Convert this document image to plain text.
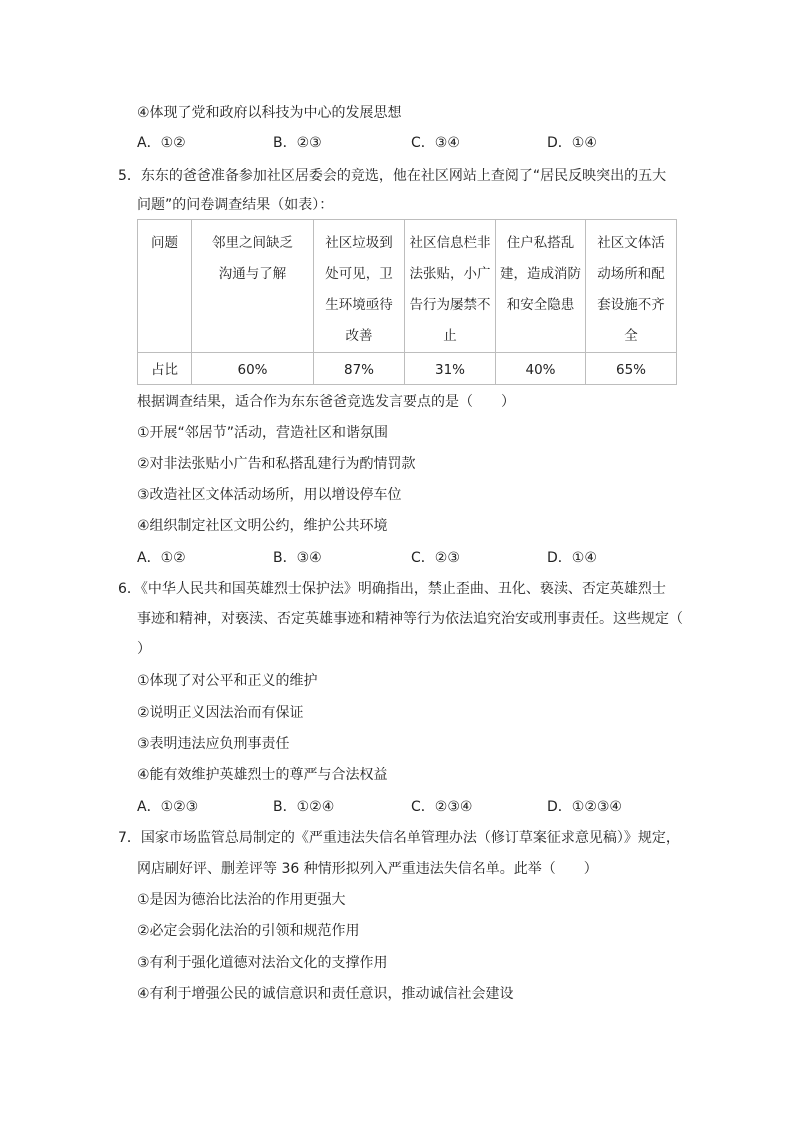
④体现了党和政府以科技为中心的发展思想
A．①②	B．②③	C．③④	D．①④
5．东东的爸爸准备参加社区居委会的竞选，他在社区网站上查阅了“居民反映突出的五大
问题”的问卷调查结果（如表）：
问题	邻里之间缺乏沟通与了解	社区垃圾到处可见，卫生环境亟待改善	社区信息栏非法张贴，小广告行为屡禁不止	住户私搭乱建，造成消防和安全隐患	社区文体活动场所和配套设施不齐全
占比	60%	87%	31%	40%	65%
根据调查结果，适合作为东东爸爸竞选发言要点的是（　　）
①开展“邻居节”活动，营造社区和谐氛围
②对非法张贴小广告和私搭乱建行为酌情罚款
③改造社区文体活动场所，用以增设停车位
④组织制定社区文明公约，维护公共环境
A．①②	B．③④	C．②③	D．①④
6．《中华人民共和国英雄烈士保护法》明确指出，禁止歪曲、丑化、亵渎、否定英雄烈士
事迹和精神，对亵渎、否定英雄事迹和精神等行为依法追究治安或刑事责任。这些规定（
）
①体现了对公平和正义的维护
②说明正义因法治而有保证
③表明违法应负刑事责任
④能有效维护英雄烈士的尊严与合法权益
A．①②③	B．①②④	C．②③④	D．①②③④
7．国家市场监管总局制定的《严重违法失信名单管理办法（修订草案征求意见稿）》规定，
网店刷好评、删差评等 36 种情形拟列入严重违法失信名单。此举（　　）
①是因为德治比法治的作用更强大
②必定会弱化法治的引领和规范作用
③有利于强化道德对法治文化的支撑作用
④有利于增强公民的诚信意识和责任意识，推动诚信社会建设
